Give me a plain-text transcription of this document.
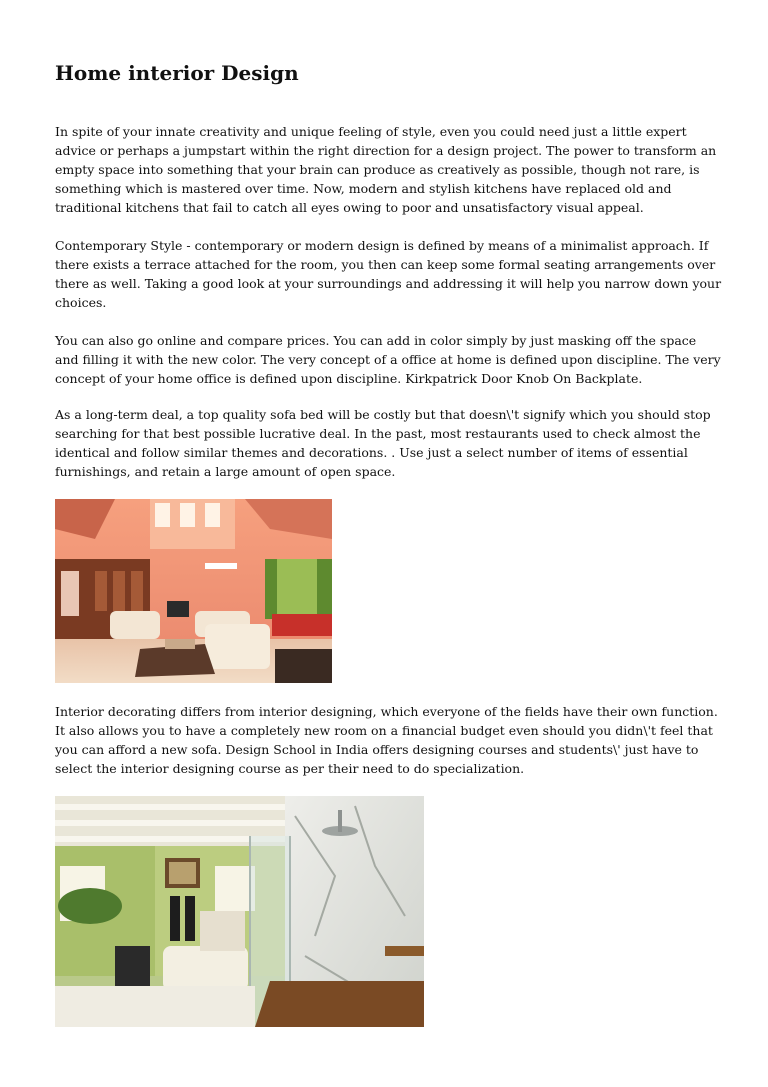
Home interior Design

In spite of your innate creativity and unique feeling of style, even you could need just a little expert advice or perhaps a jumpstart within the right direction for a design project. The power to transform an empty space into something that your brain can produce as creatively as possible, though not rare, is something which is mastered over time. Now, modern and stylish kitchens have replaced old and traditional kitchens that fail to catch all eyes owing to poor and unsatisfactory visual appeal.

Contemporary Style - contemporary or modern design is defined by means of a minimalist approach. If there exists a terrace attached for the room, you then can keep some formal seating arrangements over there as well. Taking a good look at your surroundings and addressing it will help you narrow down your choices.

You can also go online and compare prices. You can add in color simply by just masking off the space and filling it with the new color. The very concept of a office at home is defined upon discipline. The very concept of your home office is defined upon discipline. Kirkpatrick Door Knob On Backplate.

As a long-term deal, a top quality sofa bed will be costly but that doesn\'t signify which you should stop searching for that best possible lucrative deal. In the past, most restaurants used to check almost the identical and follow similar themes and decorations. . Use just a select number of items of essential furnishings, and retain a large amount of open space.

Interior decorating differs from interior designing, which everyone of the fields have their own function. It also allows you to have a completely new room on a financial budget even should you didn\'t feel that you can afford a new sofa. Design School in India offers designing courses and students\' just have to select the interior designing course as per their need to do specialization.
